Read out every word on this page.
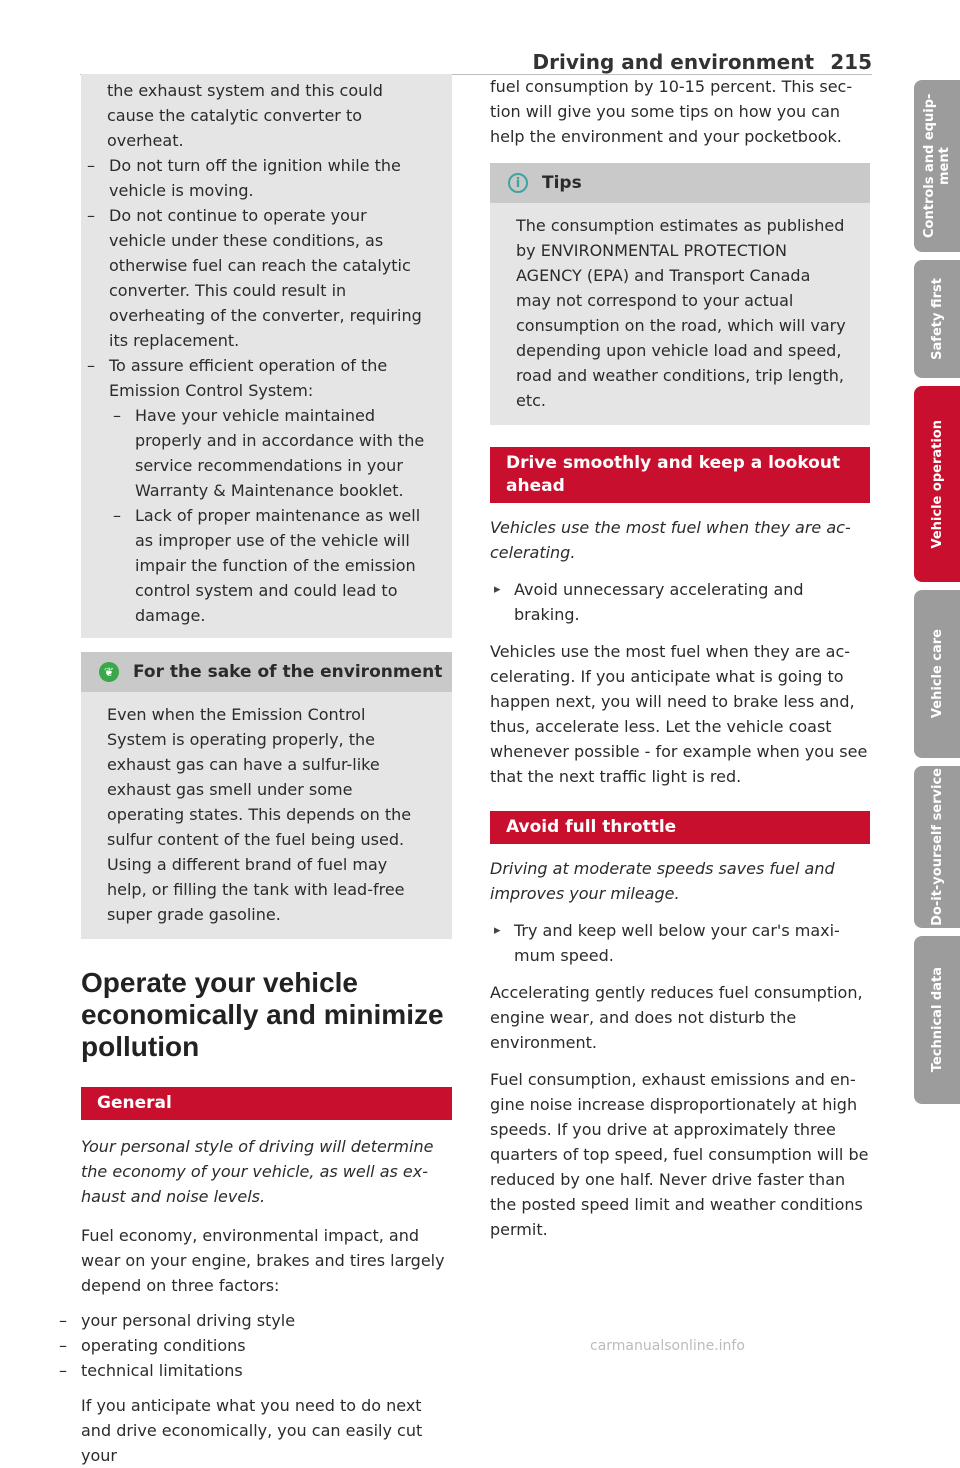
Driving and environment 215

the exhaust system and this could cause the catalytic converter to overheat.

– Do not turn off the ignition while the vehicle is moving.
– Do not continue to operate your vehicle under these conditions, as otherwise fuel can reach the catalytic converter. This could result in overheating of the converter, requiring its replacement.
– To assure efficient operation of the Emission Control System:
– Have your vehicle maintained properly and in accordance with the service recommendations in your Warranty & Maintenance booklet.
– Lack of proper maintenance as well as improper use of the vehicle will impair the function of the emission control system and could lead to damage.
❦ For the sake of the environment

Even when the Emission Control System is operating properly, the exhaust gas can have a sulfur-like exhaust gas smell under some operating states. This depends on the sulfur content of the fuel being used. Using a different brand of fuel may help, or filling the tank with lead-free super grade gasoline.

Operate your vehicle economically and minimize pollution
General

Your personal style of driving will determine the economy of your vehicle, as well as exhaust and noise levels.

Fuel economy, environmental impact, and wear on your engine, brakes and tires largely depend on three factors:

– your personal driving style
– operating conditions
– technical limitations

If you anticipate what you need to do next and drive economically, you can easily cut your

fuel consumption by 10-15 percent. This section will give you some tips on how you can help the environment and your pocketbook.

i	Tips

The consumption estimates as published by ENVIRONMENTAL PROTECTION AGENCY (EPA) and Transport Canada may not correspond to your actual consumption on the road, which will vary depending upon vehicle load and speed, road and weather conditions, trip length, etc.

Drive smoothly and keep a lookout ahead

Vehicles use the most fuel when they are accelerating.

▸ Avoid unnecessary accelerating and braking.

Vehicles use the most fuel when they are accelerating. If you anticipate what is going to happen next, you will need to brake less and, thus, accelerate less. Let the vehicle coast whenever possible - for example when you see that the next traffic light is red.

Avoid full throttle

Driving at moderate speeds saves fuel and improves your mileage.

▸ Try and keep well below your car's maximum speed.

Accelerating gently reduces fuel consumption, engine wear, and does not disturb the environment.

Fuel consumption, exhaust emissions and engine noise increase disproportionately at high speeds. If you drive at approximately three quarters of top speed, fuel consumption will be reduced by one half. Never drive faster than the posted speed limit and weather conditions permit.

Controls and equipment
Safety first
Vehicle operation
Vehicle care
Do-it-yourself service
Technical data
carmanualsonline.info
